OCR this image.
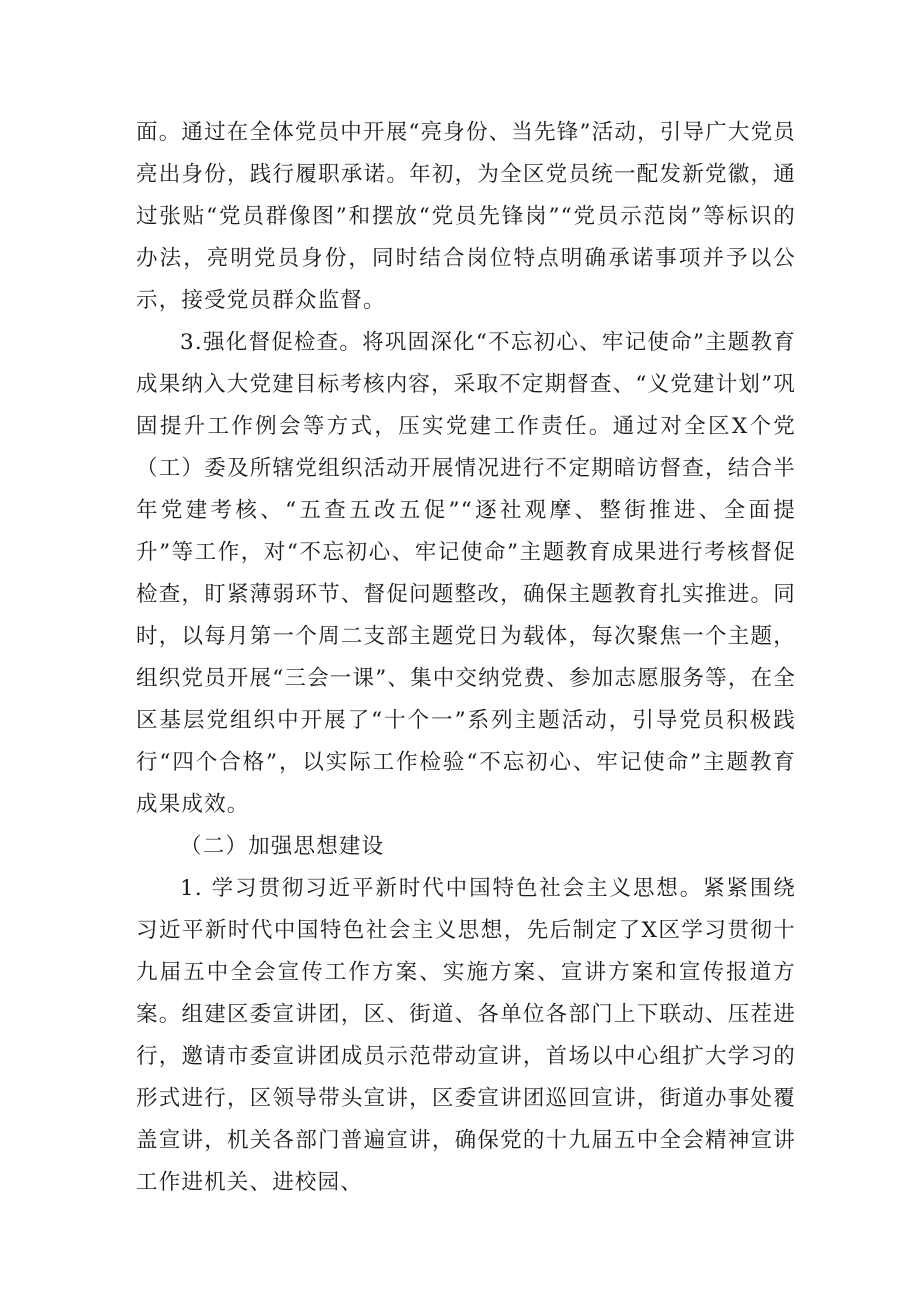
面。通过在全体党员中开展“亮身份、当先锋”活动，引导广大党员亮出身份，践行履职承诺。年初，为全区党员统一配发新党徽，通过张贴“党员群像图”和摆放“党员先锋岗”“党员示范岗”等标识的办法，亮明党员身份，同时结合岗位特点明确承诺事项并予以公示，接受党员群众监督。

3.强化督促检查。将巩固深化“不忘初心、牢记使命”主题教育成果纳入大党建目标考核内容，采取不定期督查、“义党建计划”巩固提升工作例会等方式，压实党建工作责任。通过对全区X个党（工）委及所辖党组织活动开展情况进行不定期暗访督查，结合半年党建考核、“五查五改五促”“逐社观摩、整街推进、全面提升”等工作，对“不忘初心、牢记使命”主题教育成果进行考核督促检查，盯紧薄弱环节、督促问题整改，确保主题教育扎实推进。同时，以每月第一个周二支部主题党日为载体，每次聚焦一个主题，组织党员开展“三会一课”、集中交纳党费、参加志愿服务等，在全区基层党组织中开展了“十个一”系列主题活动，引导党员积极践行“四个合格”，以实际工作检验“不忘初心、牢记使命”主题教育成果成效。

（二）加强思想建设

1. 学习贯彻习近平新时代中国特色社会主义思想。紧紧围绕习近平新时代中国特色社会主义思想，先后制定了X区学习贯彻十九届五中全会宣传工作方案、实施方案、宣讲方案和宣传报道方案。组建区委宣讲团，区、街道、各单位各部门上下联动、压茬进行，邀请市委宣讲团成员示范带动宣讲，首场以中心组扩大学习的形式进行，区领导带头宣讲，区委宣讲团巡回宣讲，街道办事处覆盖宣讲，机关各部门普遍宣讲，确保党的十九届五中全会精神宣讲工作进机关、进校园、
